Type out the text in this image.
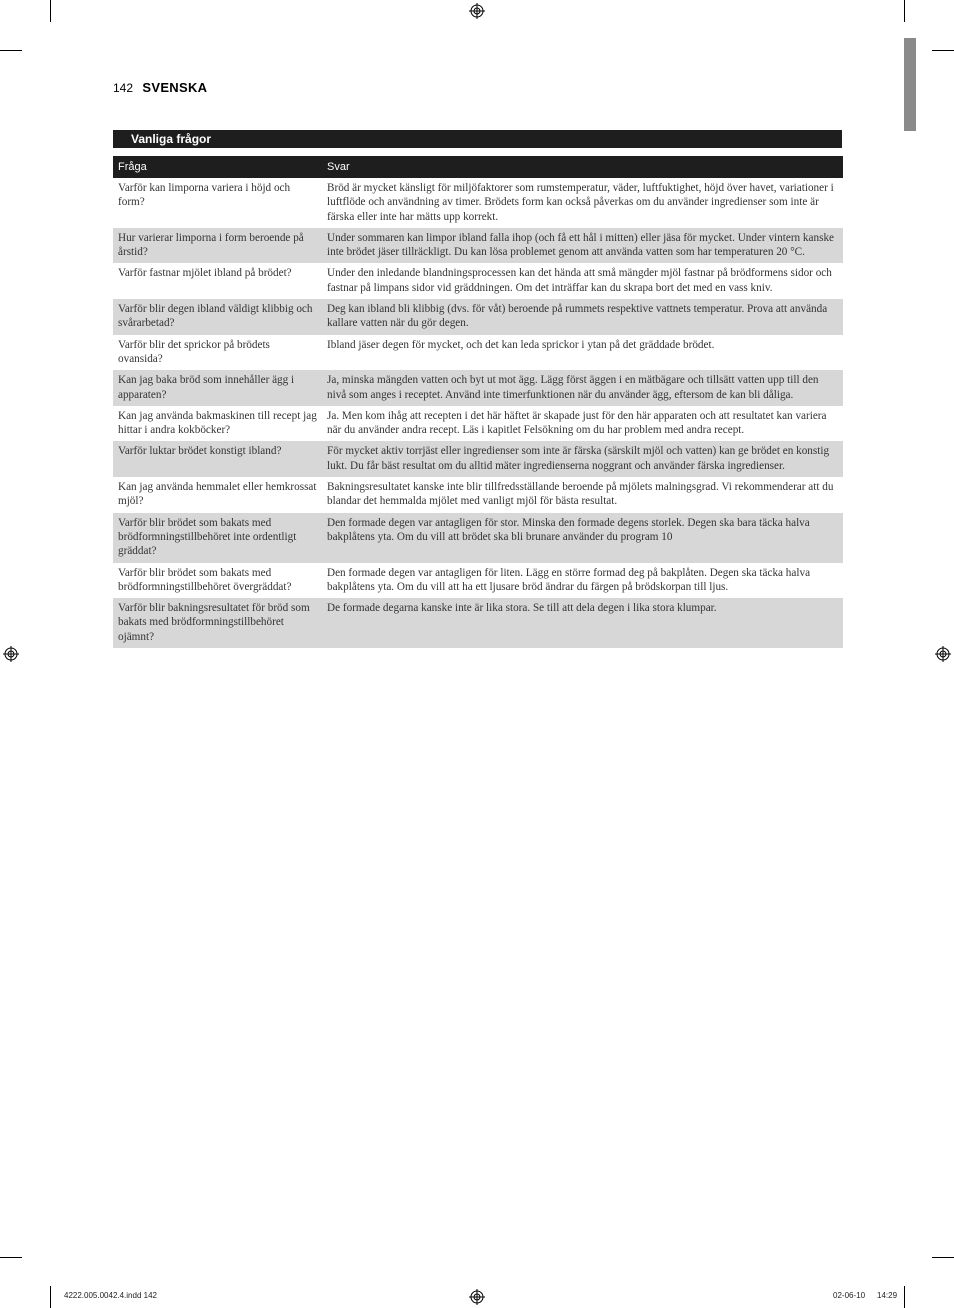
142 SVENSKA
Vanliga frågor
Fråga	Svar
Varför kan limporna variera i höjd och form?	Bröd är mycket känsligt för miljöfaktorer som rumstemperatur, väder, luftfuktighet, höjd över havet, variationer i luftflöde och användning av timer. Brödets form kan också påverkas om du använder ingredienser som inte är färska eller inte har mätts upp korrekt.
Hur varierar limporna i form beroende på årstid?	Under sommaren kan limpor ibland falla ihop (och få ett hål i mitten) eller jäsa för mycket. Under vintern kanske inte brödet jäser tillräckligt. Du kan lösa problemet genom att använda vatten som har temperaturen 20 °C.
Varför fastnar mjölet ibland på brödet?	Under den inledande blandningsprocessen kan det hända att små mängder mjöl fastnar på brödformens sidor och fastnar på limpans sidor vid gräddningen. Om det inträffar kan du skrapa bort det med en vass kniv.
Varför blir degen ibland väldigt klibbig och svårarbetad?	Deg kan ibland bli klibbig (dvs. för våt) beroende på rummets respektive vattnets temperatur. Prova att använda kallare vatten när du gör degen.
Varför blir det sprickor på brödets ovansida?	Ibland jäser degen för mycket, och det kan leda sprickor i ytan på det gräddade brödet.
Kan jag baka bröd som innehåller ägg i apparaten?	Ja, minska mängden vatten och byt ut mot ägg. Lägg först äggen i en mätbägare och tillsätt vatten upp till den nivå som anges i receptet. Använd inte timerfunktionen när du använder ägg, eftersom de kan bli dåliga.
Kan jag använda bakmaskinen till recept jag hittar i andra kokböcker?	Ja. Men kom ihåg att recepten i det här häftet är skapade just för den här apparaten och att resultatet kan variera när du använder andra recept. Läs i kapitlet Felsökning om du har problem med andra recept.
Varför luktar brödet konstigt ibland?	För mycket aktiv torrjäst eller ingredienser som inte är färska (särskilt mjöl och vatten) kan ge brödet en konstig lukt. Du får bäst resultat om du alltid mäter ingredienserna noggrant och använder färska ingredienser.
Kan jag använda hemmalet eller hemkrossat mjöl?	Bakningsresultatet kanske inte blir tillfredsställande beroende på mjölets malningsgrad. Vi rekommenderar att du blandar det hemmalda mjölet med vanligt mjöl för bästa resultat.
Varför blir brödet som bakats med brödformningstillbehöret inte ordentligt gräddat?	Den formade degen var antagligen för stor. Minska den formade degens storlek. Degen ska bara täcka halva bakplåtens yta. Om du vill att brödet ska bli brunare använder du program 10
Varför blir brödet som bakats med brödformningstillbehöret övergräddat?	Den formade degen var antagligen för liten. Lägg en större formad deg på bakplåten. Degen ska täcka halva bakplåtens yta. Om du vill att ha ett ljusare bröd ändrar du färgen på brödskorpan till ljus.
Varför blir bakningsresultatet för bröd som bakats med brödformningstillbehöret ojämnt?	De formade degarna kanske inte är lika stora. Se till att dela degen i lika stora klumpar.
4222.005.0042.4.indd 142	02-06-10 14:29
